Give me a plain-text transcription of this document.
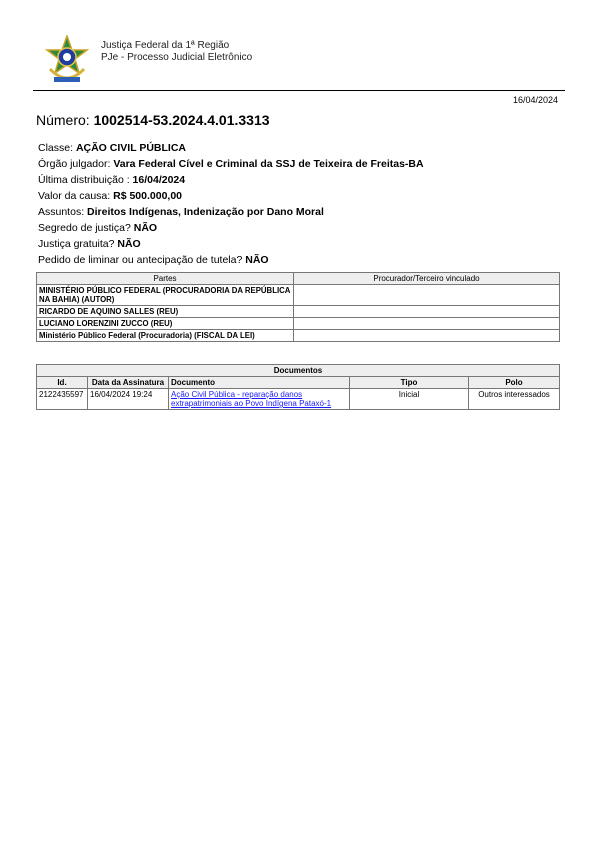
Justiça Federal da 1ª Região
PJe - Processo Judicial Eletrônico
16/04/2024
Número: 1002514-53.2024.4.01.3313
Classe: AÇÃO CIVIL PÚBLICA
Órgão julgador: Vara Federal Cível e Criminal da SSJ de Teixeira de Freitas-BA
Última distribuição : 16/04/2024
Valor da causa: R$ 500.000,00
Assuntos: Direitos Indígenas, Indenização por Dano Moral
Segredo de justiça? NÃO
Justiça gratuita? NÃO
Pedido de liminar ou antecipação de tutela? NÃO
Partes	Procurador/Terceiro vinculado
MINISTÉRIO PÚBLICO FEDERAL (PROCURADORIA DA REPÚBLICA NA BAHIA) (AUTOR)	
RICARDO DE AQUINO SALLES (REU)	
LUCIANO LORENZINI ZUCCO (REU)	
Ministério Público Federal (Procuradoria) (FISCAL DA LEI)	
Documentos				
Id.	Data da Assinatura	Documento	Tipo	Polo
2122435597	16/04/2024 19:24	Ação Civil Pública - reparação danos extrapatrimoniais ao Povo Indígena Pataxó-1	Inicial	Outros interessados
